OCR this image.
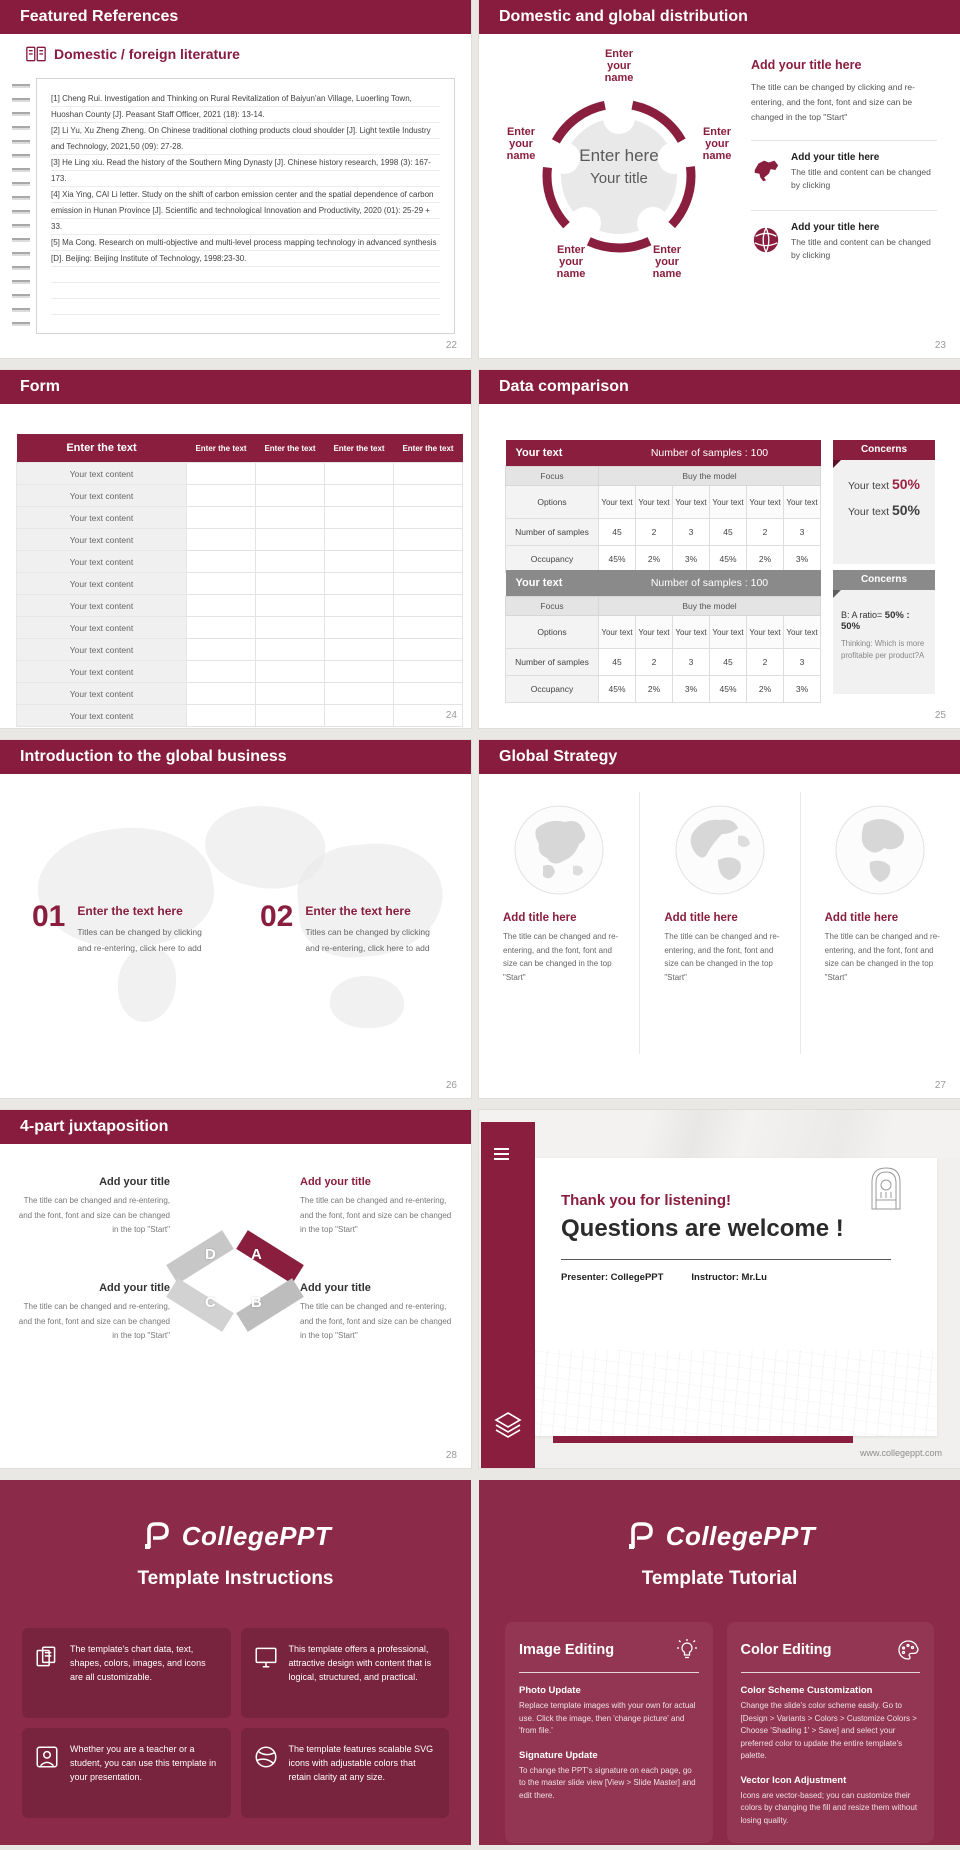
Featured References
Domestic / foreign literature

[1] Cheng Rui. Investigation and Thinking on Rural Revitalization of Baiyun'an Village, Luoerling Town, Huoshan County [J]. Peasant Staff Officer, 2021 (18): 13-14.

[2] Li Yu, Xu Zheng Zheng. On Chinese traditional clothing products cloud shoulder [J]. Light textile Industry and Technology, 2021,50 (09): 27-28.

[3] He Ling xiu. Read the history of the Southern Ming Dynasty [J]. Chinese history research, 1998 (3): 167-173.

[4] Xia Ying, CAI Li letter. Study on the shift of carbon emission center and the spatial dependence of carbon emission in Hunan Province [J]. Scientific and technological Innovation and Productivity, 2020 (01): 25-29 + 33.

[5] Ma Cong. Research on multi-objective and multi-level process mapping technology in advanced synthesis [D]. Beijing: Beijing Institute of Technology, 1998:23-30.

22
Domestic and global distribution
Enter your name
Enter your name
Enter your name
Enter your name
Enter your name
Enter here
Your title
Add your title here
The title can be changed by clicking and re-entering, and the font, font and size can be changed in the top "Start"
Add your title here

The title and content can be changed by clicking

Add your title here

The title and content can be changed by clicking

23
Form
Enter the text	Enter the text	Enter the text	Enter the text	Enter the text
Your text content				
Your text content				
Your text content				
Your text content				
Your text content				
Your text content				
Your text content				
Your text content				
Your text content				
Your text content				
Your text content				
Your text content					24
Data comparison
Your text	Number of samples : 100					
Focus	Buy the model					
Options	Your text	Your text	Your text	Your text	Your text	Your text
Number of samples	45	2	3	45	2	3
Occupancy	45%	2%	3%	45%	2%	3%
Concerns
Your text 50%
Your text 50%
Your text	Number of samples : 100					
Focus	Buy the model					
Options	Your text	Your text	Your text	Your text	Your text	Your text
Number of samples	45	2	3	45	2	3
Occupancy	45%	2%	3%	45%	2%	3%
Concerns
B: A ratio= 50% : 50%

Thinking: Which is more profitable per product?A

25
Introduction to the global business
01 Enter the text here

Titles can be changed by clicking and re-entering, click here to add

02 Enter the text here

Titles can be changed by clicking and re-entering, click here to add

26
Global Strategy
Add title here

The title can be changed and re-entering, and the font, font and size can be changed in the top "Start"

Add title here

The title can be changed and re-entering, and the font, font and size can be changed in the top "Start"

Add title here

The title can be changed and re-entering, and the font, font and size can be changed in the top "Start"

27
4-part juxtaposition
Add your title

The title can be changed and re-entering, and the font, font and size can be changed in the top "Start"

Add your title

The title can be changed and re-entering, and the font, font and size can be changed in the top "Start"

Add your title

The title can be changed and re-entering, and the font, font and size can be changed in the top "Start"

Add your title

The title can be changed and re-entering, and the font, font and size can be changed in the top "Start"

D A
C B
28
Thank you for listening!
Questions are welcome !
Presenter: CollegePPT	Instructor: Mr.Lu
www.collegeppt.com
CollegePPT
Template Instructions

The template's chart data, text, shapes, colors, images, and icons are all customizable.

This template offers a professional, attractive design with content that is logical, structured, and practical.

Whether you are a teacher or a student, you can use this template in your presentation.

The template features scalable SVG icons with adjustable colors that retain clarity at any size.

CollegePPT
Template Tutorial
Image Editing
Photo Update

Replace template images with your own for actual use. Click the image, then 'change picture' and 'from file.'

Signature Update

To change the PPT's signature on each page, go to the master slide view [View > Slide Master] and edit there.

Color Editing
Color Scheme Customization

Change the slide's color scheme easily. Go to [Design > Variants > Colors > Customize Colors > Choose 'Shading 1' > Save] and select your preferred color to update the entire template's palette.

Vector Icon Adjustment

Icons are vector-based; you can customize their colors by changing the fill and resize them without losing quality.
